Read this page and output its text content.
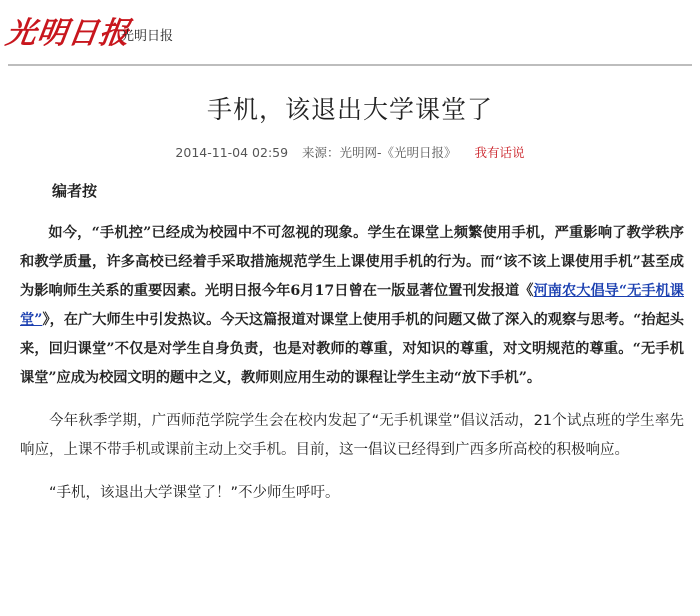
光明日报
光明日报
手机，该退出大学课堂了
2014-11-04 02:59 来源：光明网-《光明日报》 我有话说

编者按

如今，“手机控”已经成为校园中不可忽视的现象。学生在课堂上频繁使用手机，严重影响了教学秩序和教学质量，许多高校已经着手采取措施规范学生上课使用手机的行为。而“该不该上课使用手机”甚至成为影响师生关系的重要因素。光明日报今年6月17日曾在一版显著位置刊发报道《河南农大倡导“无手机课堂”》，在广大师生中引发热议。今天这篇报道对课堂上使用手机的问题又做了深入的观察与思考。“抬起头来，回归课堂”不仅是对学生自身负责，也是对教师的尊重，对知识的尊重，对文明规范的尊重。“无手机课堂”应成为校园文明的题中之义，教师则应用生动的课程让学生主动“放下手机”。

今年秋季学期，广西师范学院学生会在校内发起了“无手机课堂”倡议活动，21个试点班的学生率先响应，上课不带手机或课前主动上交手机。目前，这一倡议已经得到广西多所高校的积极响应。

“手机，该退出大学课堂了！”不少师生呼吁。
